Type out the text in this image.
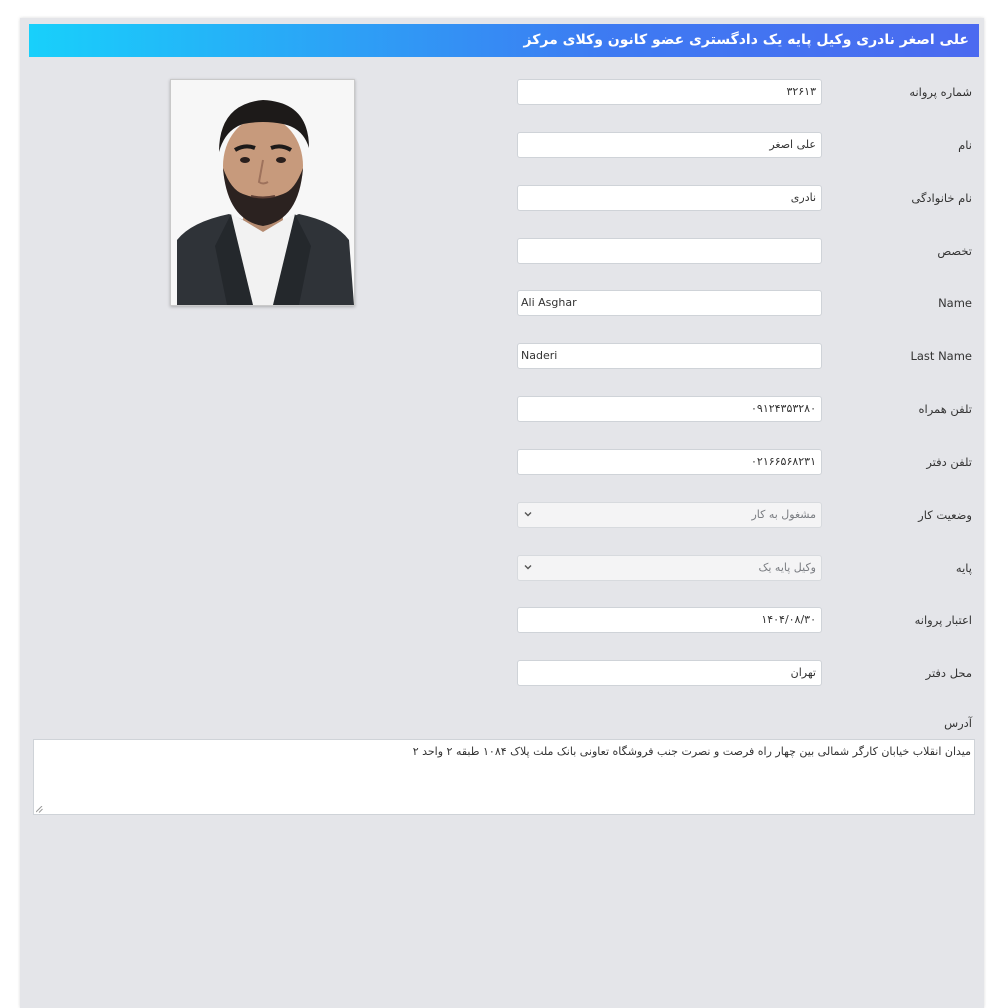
علی اصغر نادری وکیل پایه یک دادگستری عضو کانون وکلای مرکز
شماره پروانه
۳۲۶۱۳
نام
علی اصغر
نام خانوادگی
نادری
تخصص
Name
Ali Asghar
Last Name
Naderi
تلفن همراه
۰۹۱۲۴۳۵۳۲۸۰
تلفن دفتر
۰۲۱۶۶۵۶۸۲۳۱
وضعیت کار
مشغول به کار
پایه
وکیل پایه یک
اعتبار پروانه
۱۴۰۴/۰۸/۳۰
محل دفتر
تهران
آدرس
میدان انقلاب خیابان کارگر شمالی بین چهار راه فرصت و نصرت جنب فروشگاه تعاونی بانک ملت پلاک ۱۰۸۴ طبقه ۲ واحد ۲
